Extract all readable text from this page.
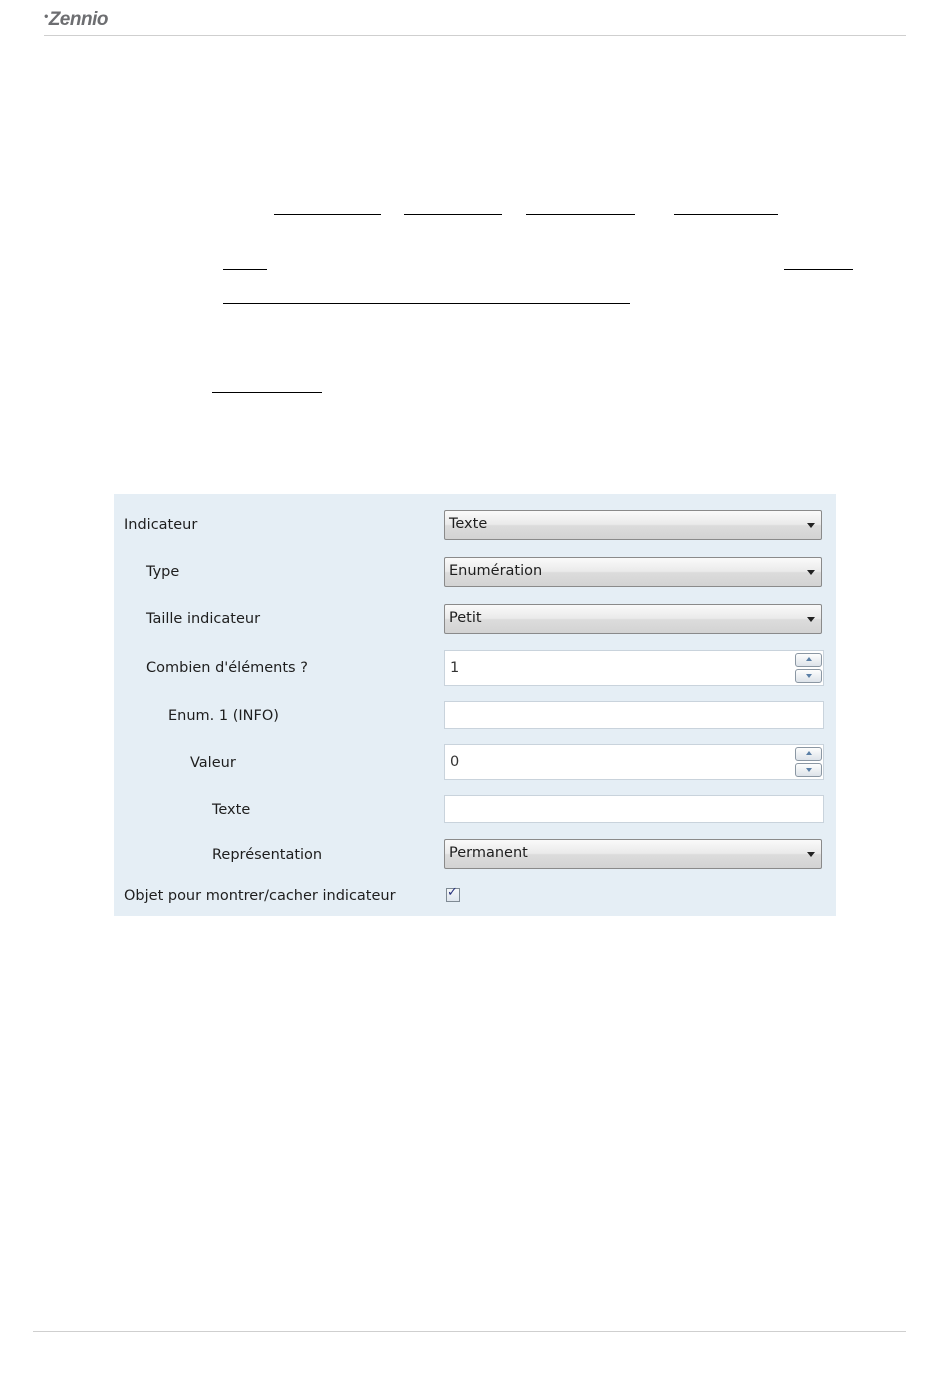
•Zennio
Indicateur	Texte
Type	Enumération
Taille indicateur	Petit
Combien d'éléments ?	1
Enum. 1 (INFO)
Valeur	0
Texte
Représentation	Permanent
Objet pour montrer/cacher indicateur	✓
